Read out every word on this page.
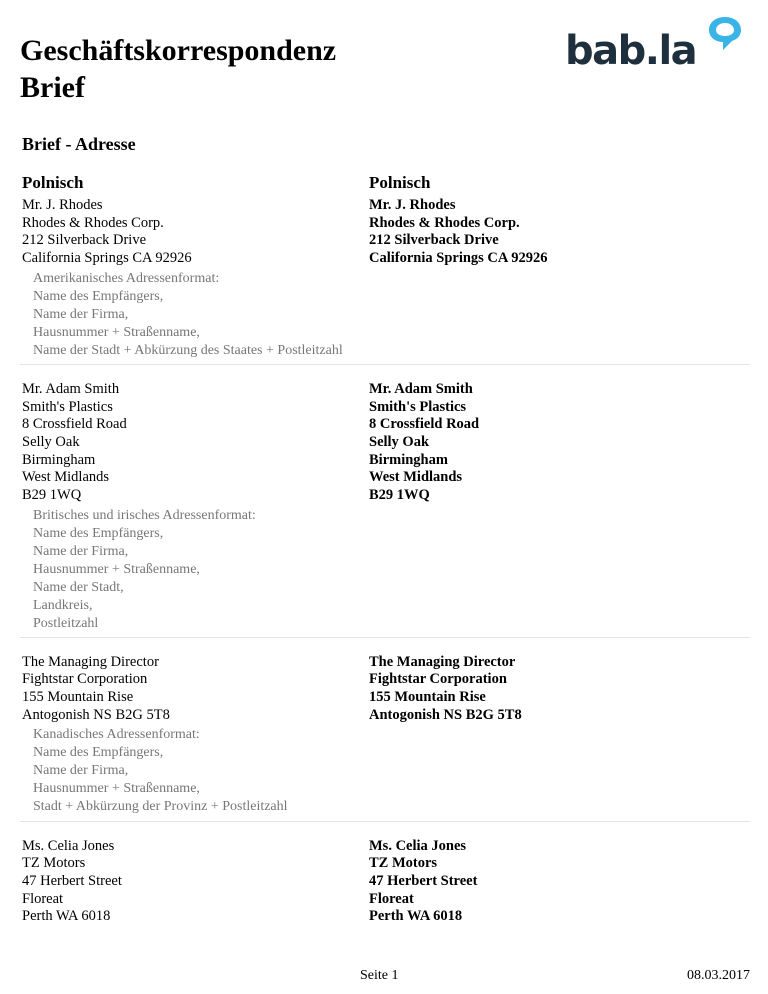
Geschäftskorrespondenz
Brief
bab.la
Brief - Adresse
Polnisch	Polnisch
Mr. J. Rhodes
Rhodes & Rhodes Corp.
212 Silverback Drive
California Springs CA 92926
Mr. J. Rhodes
Rhodes & Rhodes Corp.
212 Silverback Drive
California Springs CA 92926
Amerikanisches Adressenformat:
Name des Empfängers,
Name der Firma,
Hausnummer + Straßenname,
Name der Stadt + Abkürzung des Staates + Postleitzahl
Mr. Adam Smith
Smith's Plastics
8 Crossfield Road
Selly Oak
Birmingham
West Midlands
B29 1WQ
Mr. Adam Smith
Smith's Plastics
8 Crossfield Road
Selly Oak
Birmingham
West Midlands
B29 1WQ
Britisches und irisches Adressenformat:
Name des Empfängers,
Name der Firma,
Hausnummer + Straßenname,
Name der Stadt,
Landkreis,
Postleitzahl
The Managing Director
Fightstar Corporation
155 Mountain Rise
Antogonish NS B2G 5T8
The Managing Director
Fightstar Corporation
155 Mountain Rise
Antogonish NS B2G 5T8
Kanadisches Adressenformat:
Name des Empfängers,
Name der Firma,
Hausnummer + Straßenname,
Stadt + Abkürzung der Provinz + Postleitzahl
Ms. Celia Jones
TZ Motors
47 Herbert Street
Floreat
Perth WA 6018
Ms. Celia Jones
TZ Motors
47 Herbert Street
Floreat
Perth WA 6018
Seite 1	08.03.2017
